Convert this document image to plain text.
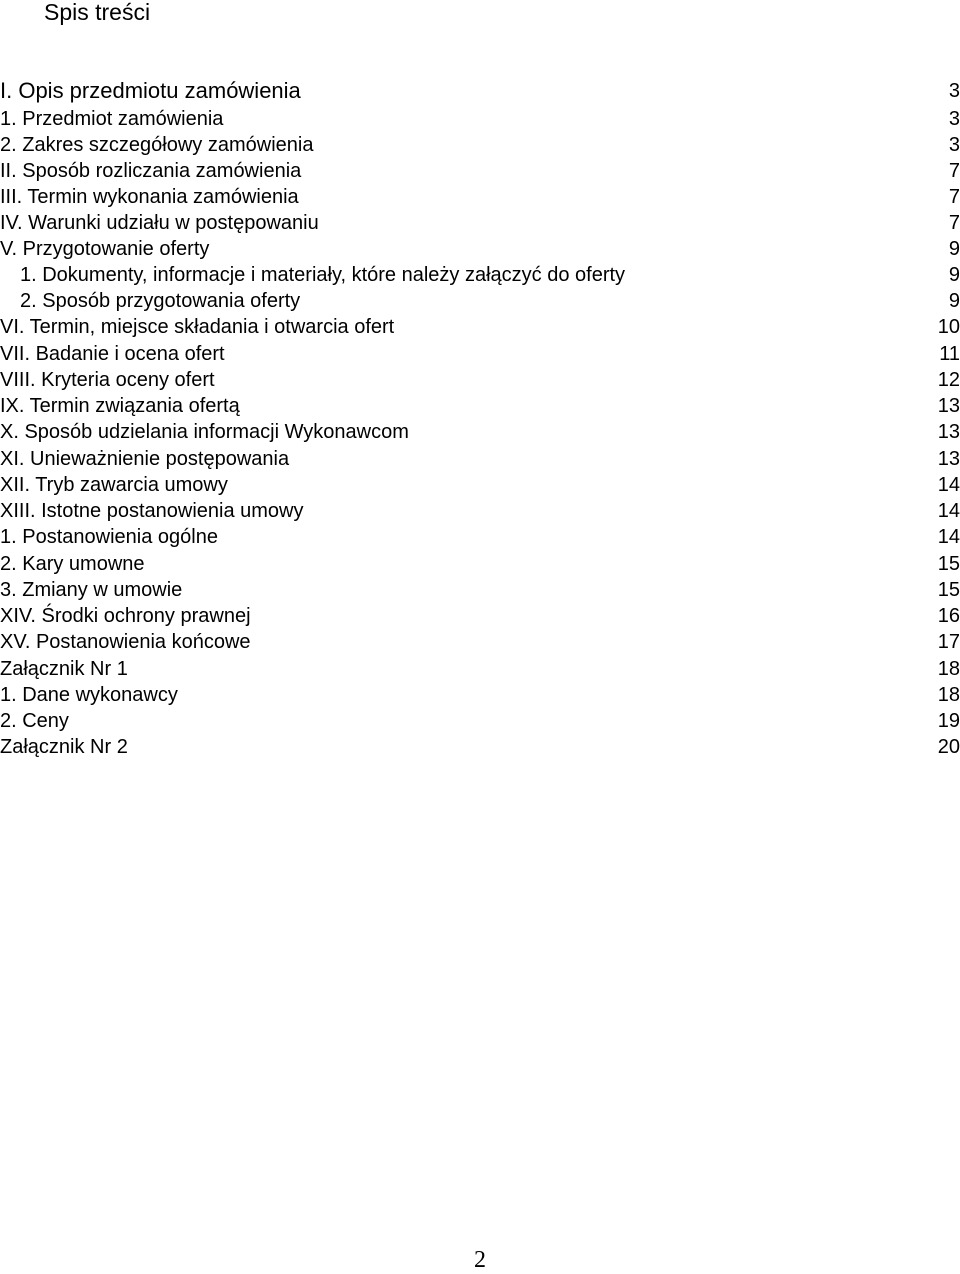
Spis treści
I. Opis przedmiotu zamówienia	3
1. Przedmiot zamówienia	3
2. Zakres szczegółowy zamówienia	3
II. Sposób rozliczania zamówienia	7
III. Termin wykonania zamówienia	7
IV. Warunki udziału w postępowaniu	7
V. Przygotowanie oferty	9
1. Dokumenty, informacje i materiały, które należy załączyć do oferty	9
2. Sposób przygotowania oferty	9
VI. Termin, miejsce składania i otwarcia ofert	10
VII. Badanie i ocena ofert	11
VIII. Kryteria oceny ofert	12
IX. Termin związania ofertą	13
X. Sposób udzielania informacji Wykonawcom	13
XI. Unieważnienie postępowania	13
XII. Tryb zawarcia umowy	14
XIII. Istotne postanowienia umowy	14
1. Postanowienia ogólne	14
2. Kary umowne	15
3. Zmiany w umowie	15
XIV. Środki ochrony prawnej	16
XV. Postanowienia końcowe	17
Załącznik Nr 1	18
1. Dane wykonawcy	18
2. Ceny	19
Załącznik Nr 2	20
2
